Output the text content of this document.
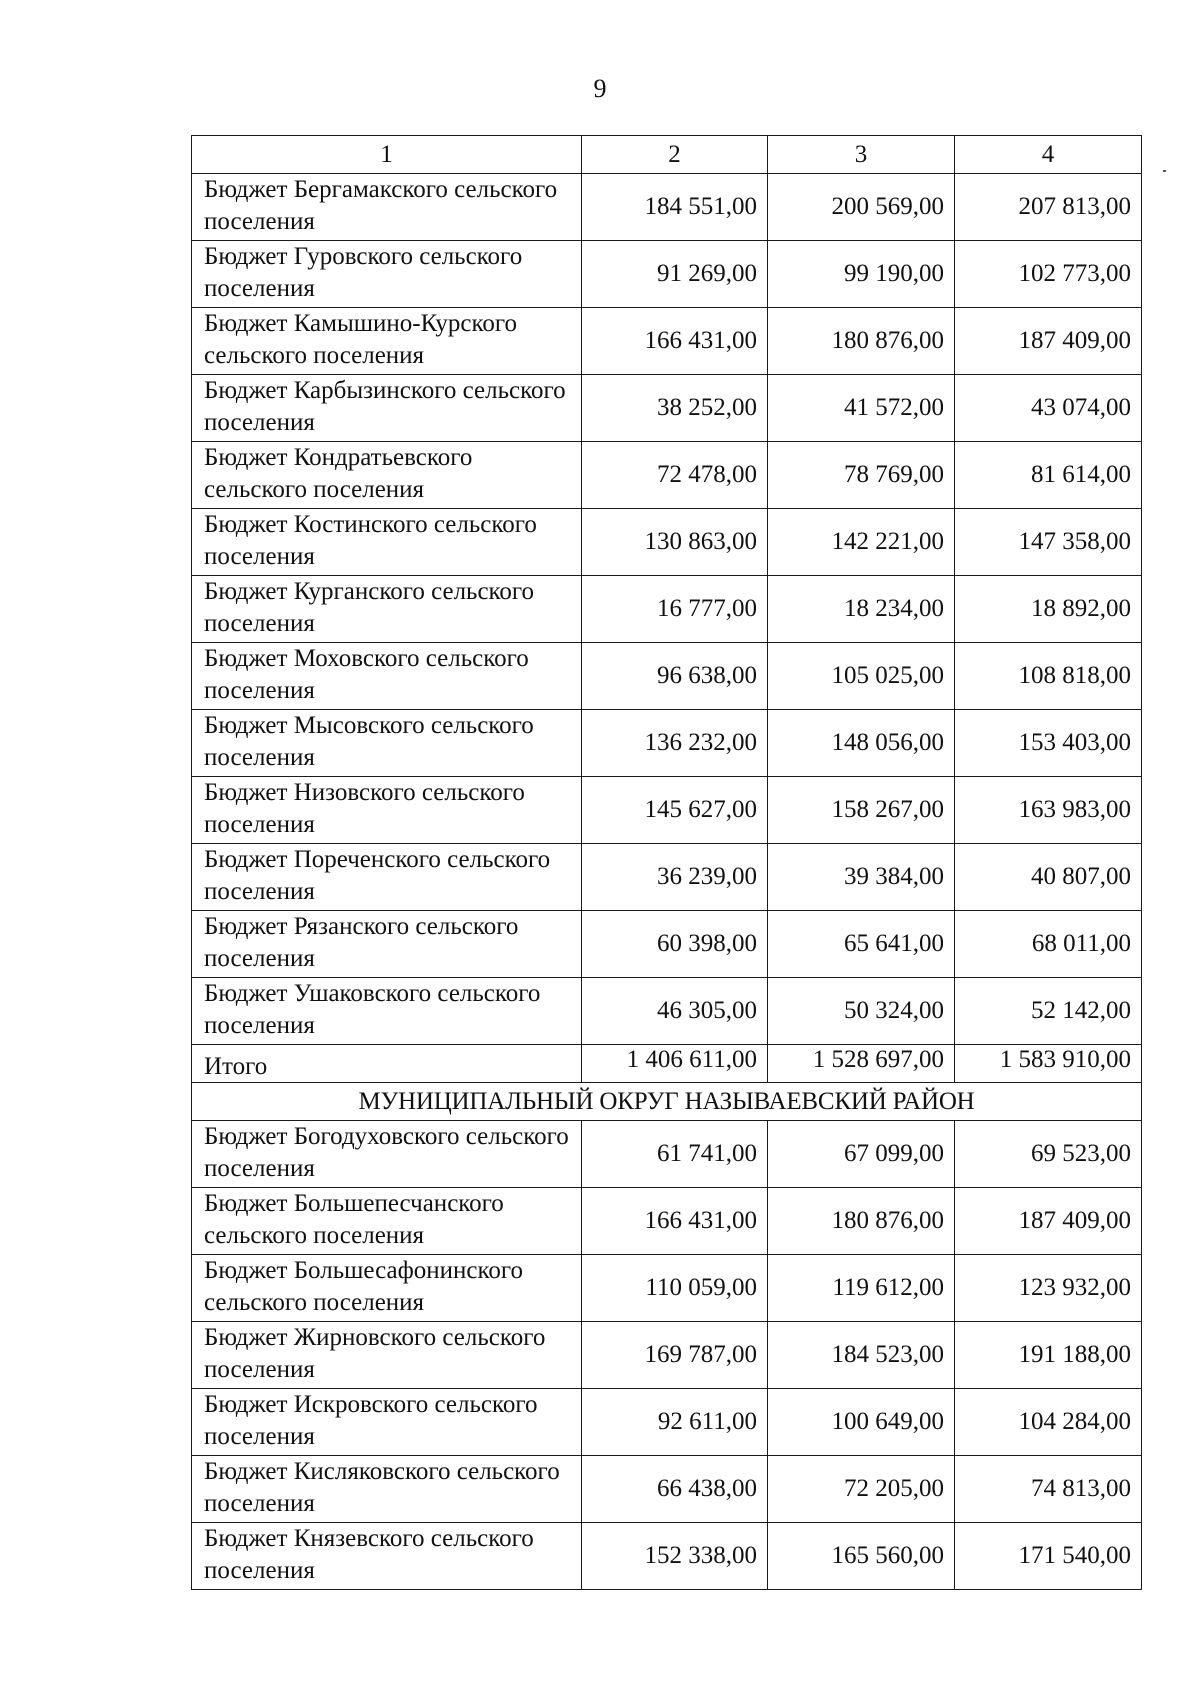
9
1	2	3	4
Бюджет Бергамакского сельского поселения	184 551,00	200 569,00	207 813,00
Бюджет Гуровского сельского поселения	91 269,00	99 190,00	102 773,00
Бюджет Камышино-Курского сельского поселения	166 431,00	180 876,00	187 409,00
Бюджет Карбызинского сельского поселения	38 252,00	41 572,00	43 074,00
Бюджет Кондратьевского сельского поселения	72 478,00	78 769,00	81 614,00
Бюджет Костинского сельского поселения	130 863,00	142 221,00	147 358,00
Бюджет Курганского сельского поселения	16 777,00	18 234,00	18 892,00
Бюджет Моховского сельского поселения	96 638,00	105 025,00	108 818,00
Бюджет Мысовского сельского поселения	136 232,00	148 056,00	153 403,00
Бюджет Низовского сельского поселения	145 627,00	158 267,00	163 983,00
Бюджет Пореченского сельского поселения	36 239,00	39 384,00	40 807,00
Бюджет Рязанского сельского поселения	60 398,00	65 641,00	68 011,00
Бюджет Ушаковского сельского поселения	46 305,00	50 324,00	52 142,00
Итого	1 406 611,00	1 528 697,00	1 583 910,00
МУНИЦИПАЛЬНЫЙ ОКРУГ НАЗЫВАЕВСКИЙ РАЙОН			
Бюджет Богодуховского сельского поселения	61 741,00	67 099,00	69 523,00
Бюджет Большепесчанского сельского поселения	166 431,00	180 876,00	187 409,00
Бюджет Большесафонинского сельского поселения	110 059,00	119 612,00	123 932,00
Бюджет Жирновского сельского поселения	169 787,00	184 523,00	191 188,00
Бюджет Искровского сельского поселения	92 611,00	100 649,00	104 284,00
Бюджет Кисляковского сельского поселения	66 438,00	72 205,00	74 813,00
Бюджет Князевского сельского поселения	152 338,00	165 560,00	171 540,00
